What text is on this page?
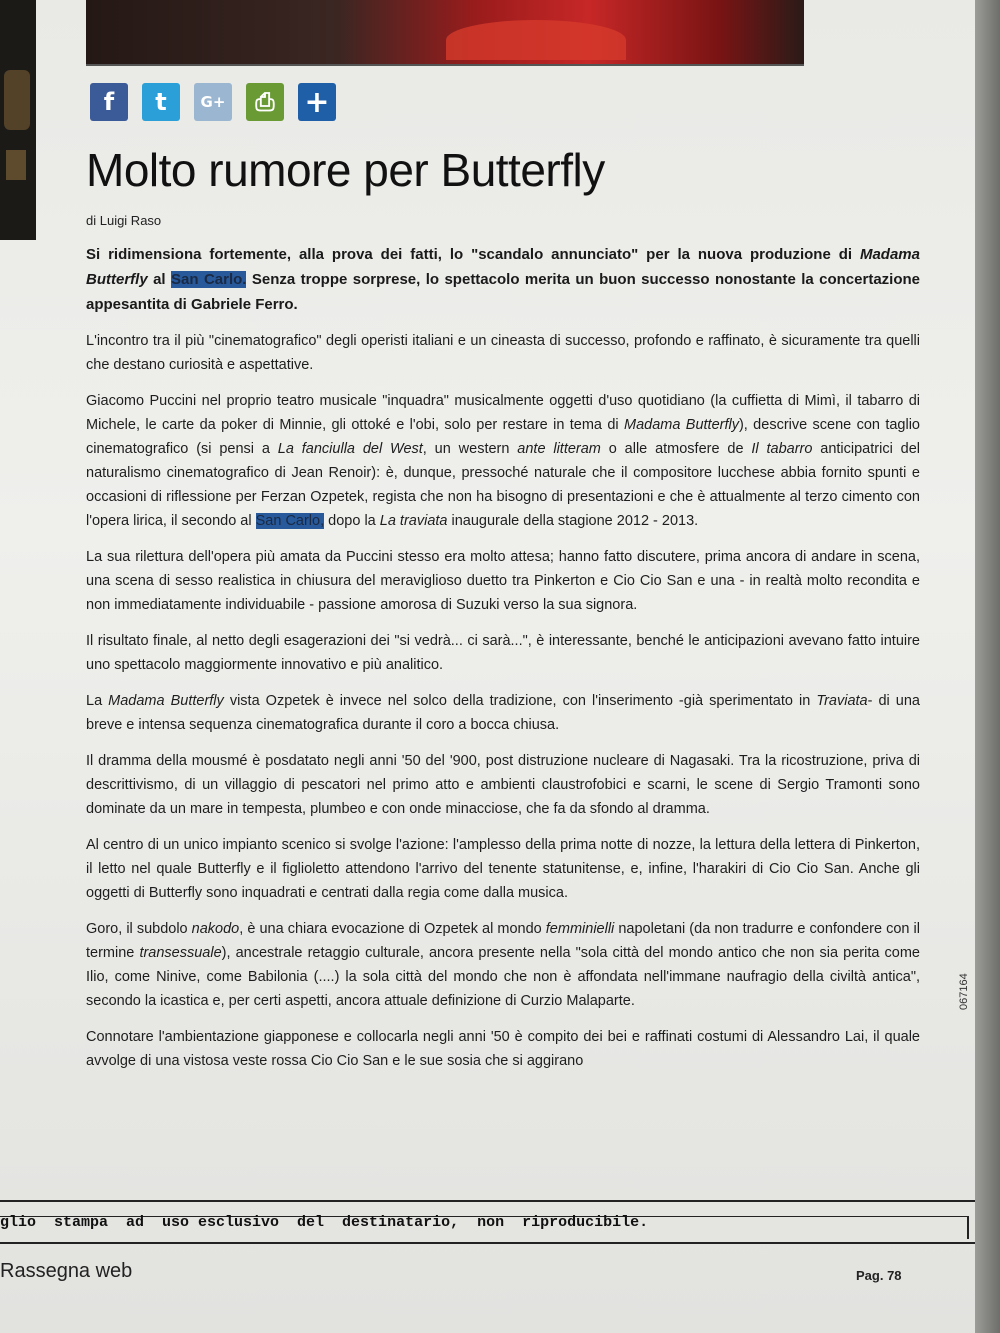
f	t	G+	⎙ +
Molto rumore per Butterfly
di Luigi Raso
Si ridimensiona fortemente, alla prova dei fatti, lo "scandalo annunciato" per la nuova produzione di Madama Butterfly al San Carlo. Senza troppe sorprese, lo spettacolo merita un buon successo nonostante la concertazione appesantita di Gabriele Ferro.

L'incontro tra il più "cinematografico" degli operisti italiani e un cineasta di successo, profondo e raffinato, è sicuramente tra quelli che destano curiosità e aspettative.

Giacomo Puccini nel proprio teatro musicale "inquadra" musicalmente oggetti d'uso quotidiano (la cuffietta di Mimì, il tabarro di Michele, le carte da poker di Minnie, gli ottoké e l'obi, solo per restare in tema di Madama Butterfly), descrive scene con taglio cinematografico (si pensi a La fanciulla del West, un western ante litteram o alle atmosfere de Il tabarro anticipatrici del naturalismo cinematografico di Jean Renoir): è, dunque, pressoché naturale che il compositore lucchese abbia fornito spunti e occasioni di riflessione per Ferzan Ozpetek, regista che non ha bisogno di presentazioni e che è attualmente al terzo cimento con l'opera lirica, il secondo al San Carlo, dopo la La traviata inaugurale della stagione 2012 - 2013.

La sua rilettura dell'opera più amata da Puccini stesso era molto attesa; hanno fatto discutere, prima ancora di andare in scena, una scena di sesso realistica in chiusura del meraviglioso duetto tra Pinkerton e Cio Cio San e una - in realtà molto recondita e non immediatamente individuabile - passione amorosa di Suzuki verso la sua signora.

Il risultato finale, al netto degli esagerazioni dei "si vedrà... ci sarà...", è interessante, benché le anticipazioni avevano fatto intuire uno spettacolo maggiormente innovativo e più analitico.

La Madama Butterfly vista Ozpetek è invece nel solco della tradizione, con l'inserimento -già sperimentato in Traviata- di una breve e intensa sequenza cinematografica durante il coro a bocca chiusa.

Il dramma della mousmé è posdatato negli anni '50 del '900, post distruzione nucleare di Nagasaki. Tra la ricostruzione, priva di descrittivismo, di un villaggio di pescatori nel primo atto e ambienti claustrofobici e scarni, le scene di Sergio Tramonti sono dominate da un mare in tempesta, plumbeo e con onde minacciose, che fa da sfondo al dramma.

Al centro di un unico impianto scenico si svolge l'azione: l'amplesso della prima notte di nozze, la lettura della lettera di Pinkerton, il letto nel quale Butterfly e il figlioletto attendono l'arrivo del tenente statunitense, e, infine, l'harakiri di Cio Cio San. Anche gli oggetti di Butterfly sono inquadrati e centrati dalla regia come dalla musica.

Goro, il subdolo nakodo, è una chiara evocazione di Ozpetek al mondo femminielli napoletani (da non tradurre e confondere con il termine transessuale), ancestrale retaggio culturale, ancora presente nella "sola città del mondo antico che non sia perita come Ilio, come Ninive, come Babilonia (....) la sola città del mondo che non è affondata nell'immane naufragio della civiltà antica", secondo la icastica e, per certi aspetti, ancora attuale definizione di Curzio Malaparte.

Connotare l'ambientazione giapponese e collocarla negli anni '50 è compito dei bei e raffinati costumi di Alessandro Lai, il quale avvolge di una vistosa veste rossa Cio Cio San e le sue sosia che si aggirano

067164
glio  stampa  ad  uso esclusivo  del  destinatario,  non  riproducibile.
Rassegna web	Pag. 78
